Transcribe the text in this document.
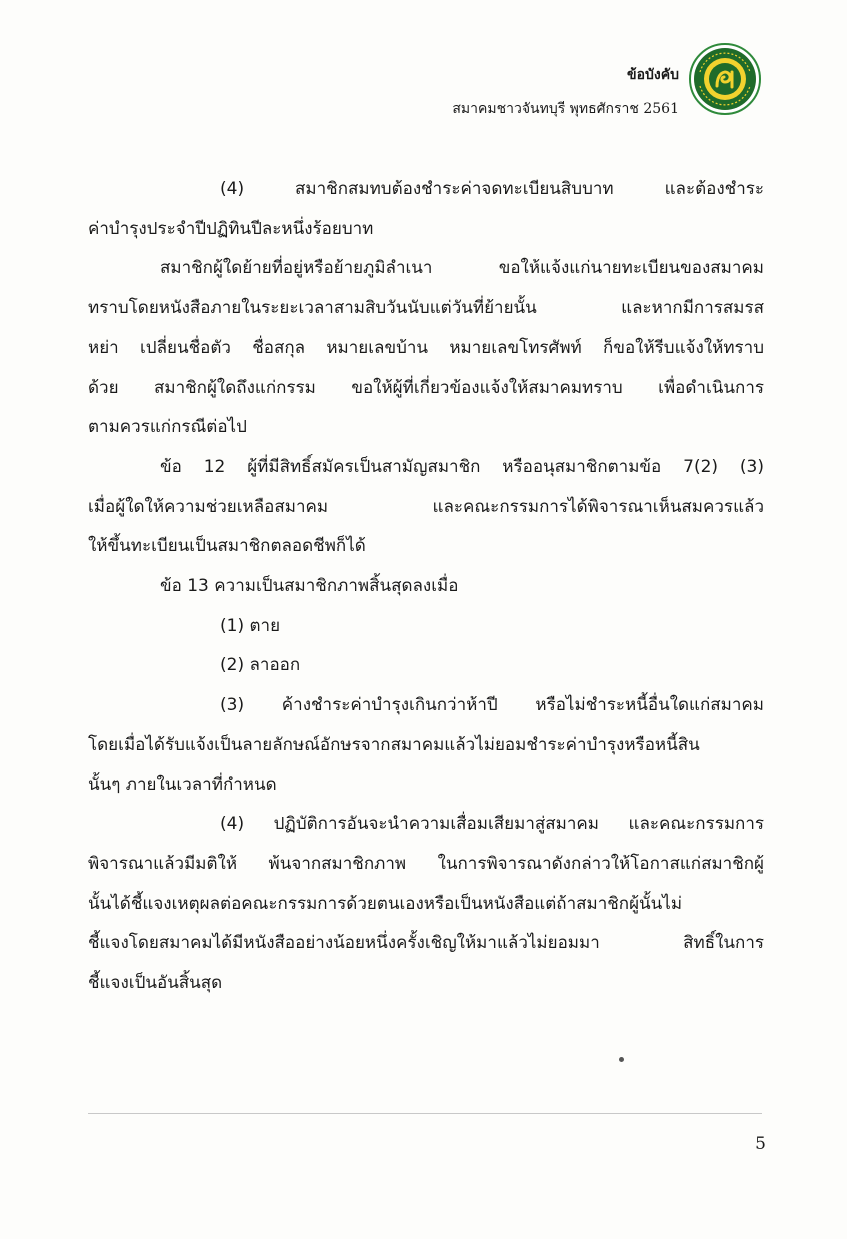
ข้อบังคับ
สมาคมชาวจันทบุรี พุทธศักราช 2561

(4) สมาชิกสมทบต้องชำระค่าจดทะเบียนสิบบาท และต้องชำระ

ค่าบำรุงประจำปีปฏิทินปีละหนึ่งร้อยบาท

สมาชิกผู้ใดย้ายที่อยู่หรือย้ายภูมิลำเนา ขอให้แจ้งแก่นายทะเบียนของสมาคม

ทราบโดยหนังสือภายในระยะเวลาสามสิบวันนับแต่วันที่ย้ายนั้น และหากมีการสมรส

หย่า เปลี่ยนชื่อตัว ชื่อสกุล หมายเลขบ้าน หมายเลขโทรศัพท์ ก็ขอให้รีบแจ้งให้ทราบ

ด้วย สมาชิกผู้ใดถึงแก่กรรม ขอให้ผู้ที่เกี่ยวข้องแจ้งให้สมาคมทราบ เพื่อดำเนินการ

ตามควรแก่กรณีต่อไป

ข้อ 12 ผู้ที่มีสิทธิ์สมัครเป็นสามัญสมาชิก หรืออนุสมาชิกตามข้อ 7(2) (3)

เมื่อผู้ใดให้ความช่วยเหลือสมาคม และคณะกรรมการได้พิจารณาเห็นสมควรแล้ว

ให้ขึ้นทะเบียนเป็นสมาชิกตลอดชีพก็ได้

ข้อ 13 ความเป็นสมาชิกภาพสิ้นสุดลงเมื่อ

(1) ตาย

(2) ลาออก

(3) ค้างชำระค่าบำรุงเกินกว่าห้าปี หรือไม่ชำระหนี้อื่นใดแก่สมาคม

โดยเมื่อได้รับแจ้งเป็นลายลักษณ์อักษรจากสมาคมแล้วไม่ยอมชำระค่าบำรุงหรือหนี้สิน

นั้นๆ ภายในเวลาที่กำหนด

(4) ปฏิบัติการอันจะนำความเสื่อมเสียมาสู่สมาคม และคณะกรรมการ

พิจารณาแล้วมีมติให้ พ้นจากสมาชิกภาพ ในการพิจารณาดังกล่าวให้โอกาสแก่สมาชิกผู้

นั้นได้ชี้แจงเหตุผลต่อคณะกรรมการด้วยตนเองหรือเป็นหนังสือแต่ถ้าสมาชิกผู้นั้นไม่

ชี้แจงโดยสมาคมได้มีหนังสืออย่างน้อยหนึ่งครั้งเชิญให้มาแล้วไม่ยอมมา สิทธิ์ในการ

ชี้แจงเป็นอันสิ้นสุด

5
